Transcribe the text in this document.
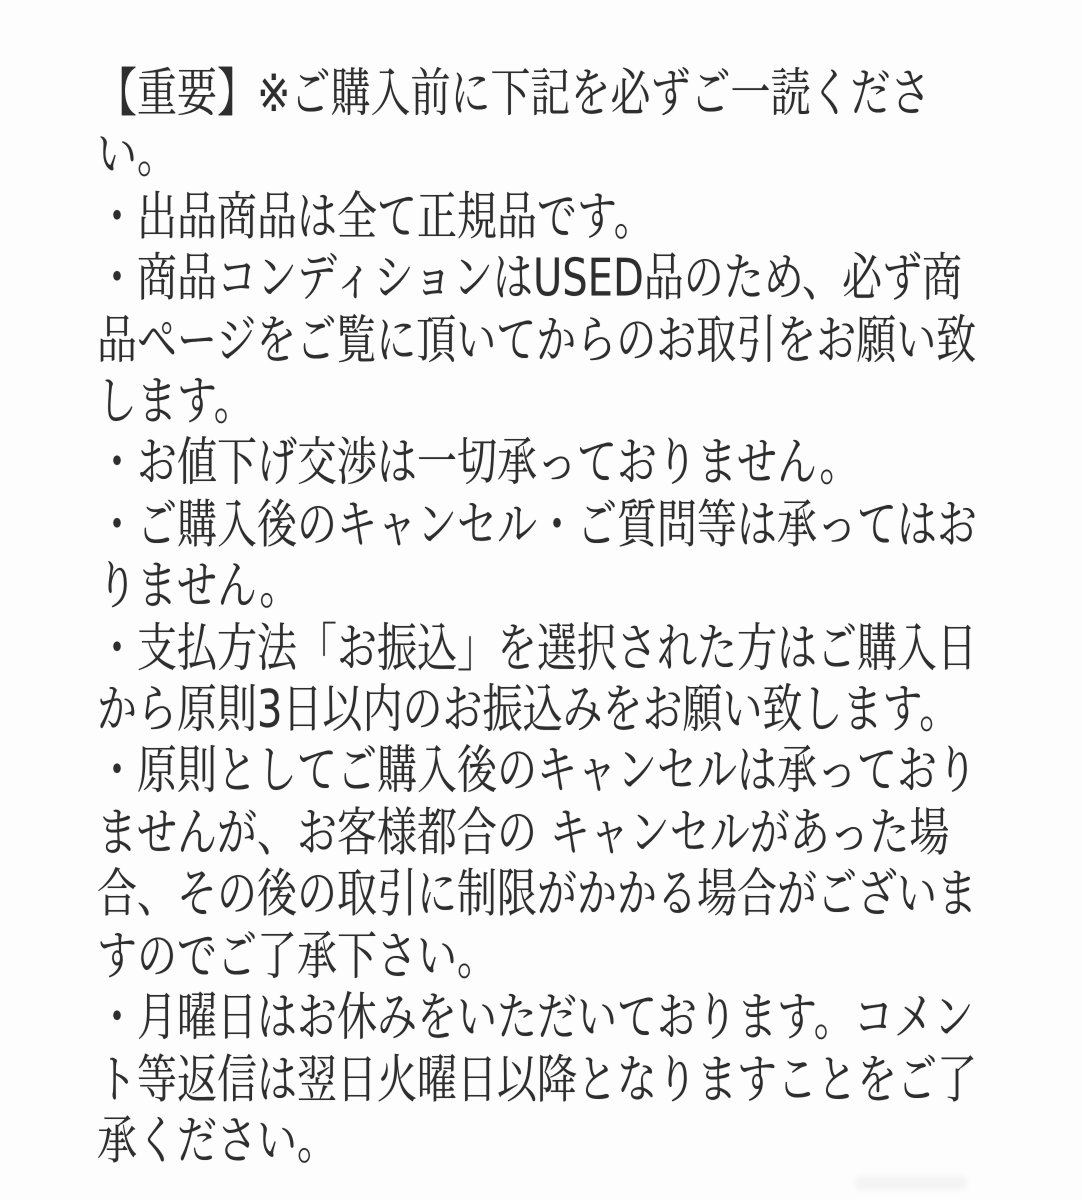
【重要】※ご購入前に下記を必ずご一読ください。

・出品商品は全て正規品です。

・商品コンディションはUSED品のため、必ず商品ページをご覧に頂いてからのお取引をお願い致します。

・お値下げ交渉は一切承っておりません。

・ご購入後のキャンセル・ご質問等は承ってはおりません。

・支払方法「お振込」を選択された方はご購入日から原則3日以内のお振込みをお願い致します。

・原則としてご購入後のキャンセルは承っておりませんが、お客様都合の キャンセルがあった場合、その後の取引に制限がかかる場合がございますのでご了承下さい。

・月曜日はお休みをいただいております。コメント等返信は翌日火曜日以降となりますことをご了承ください。
